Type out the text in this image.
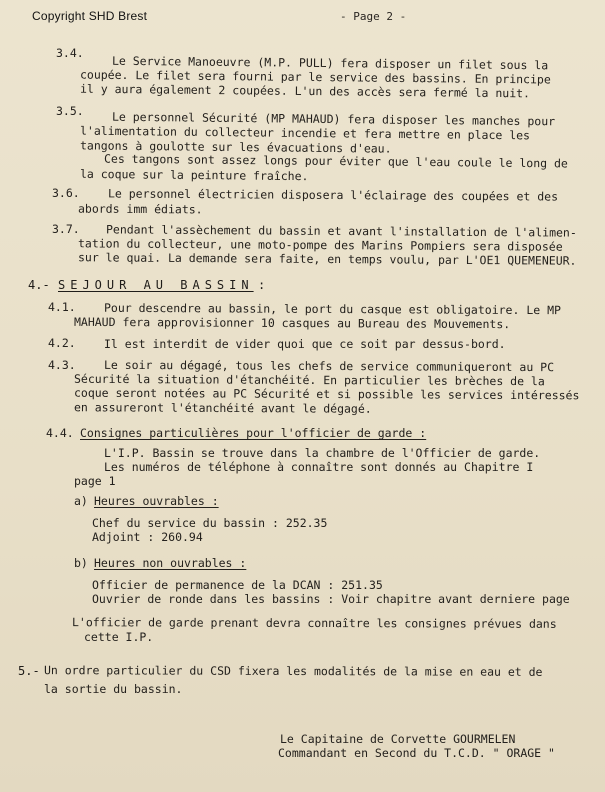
Copyright SHD Brest	- Page 2 -
3.4.
Le Service Manoeuvre (M.P. PULL) fera disposer un filet sous la
coupée. Le filet sera fourni par le service des bassins. En principe
il y aura également 2 coupées. L'un des accès sera fermé la nuit.
3.5. Le personnel Sécurité (MP MAHAUD) fera disposer les manches pour
l'alimentation du collecteur incendie et fera mettre en place les
tangons à goulotte sur les évacuations d'eau.
Ces tangons sont assez longs pour éviter que l'eau coule le long de
la coque sur la peinture fraîche.
3.6. Le personnel électricien disposera l'éclairage des coupées et des
abords imm édiats.
3.7. Pendant l'assèchement du bassin et avant l'installation de l'alimen-
tation du collecteur, une moto-pompe des Marins Pompiers sera disposée
sur le quai. La demande sera faite, en temps voulu, par L'OE1 QUEMENEUR.
4.- SEJOUR AU BASSIN :
4.1. Pour descendre au bassin, le port du casque est obligatoire. Le MP
MAHAUD fera approvisionner 10 casques au Bureau des Mouvements.
4.2. Il est interdit de vider quoi que ce soit par dessus-bord.
4.3. Le soir au dégagé, tous les chefs de service communiqueront au PC
Sécurité la situation d'étanchéité. En particulier les brèches de la
coque seront notées au PC Sécurité et si possible les services intéressés
en assureront l'étanchéité avant le dégagé.
4.4. Consignes particulières pour l'officier de garde :
L'I.P. Bassin se trouve dans la chambre de l'Officier de garde.
Les numéros de téléphone à connaître sont donnés au Chapitre I
page 1
a) Heures ouvrables :
Chef du service du bassin : 252.35
Adjoint : 260.94
b) Heures non ouvrables :
Officier de permanence de la DCAN : 251.35
Ouvrier de ronde dans les bassins : Voir chapitre avant derniere page
L'officier de garde prenant devra connaître les consignes prévues dans
cette I.P.
5.- Un ordre particulier du CSD fixera les modalités de la mise en eau et de
la sortie du bassin.
Le Capitaine de Corvette GOURMELEN
Commandant en Second du T.C.D. " ORAGE "
